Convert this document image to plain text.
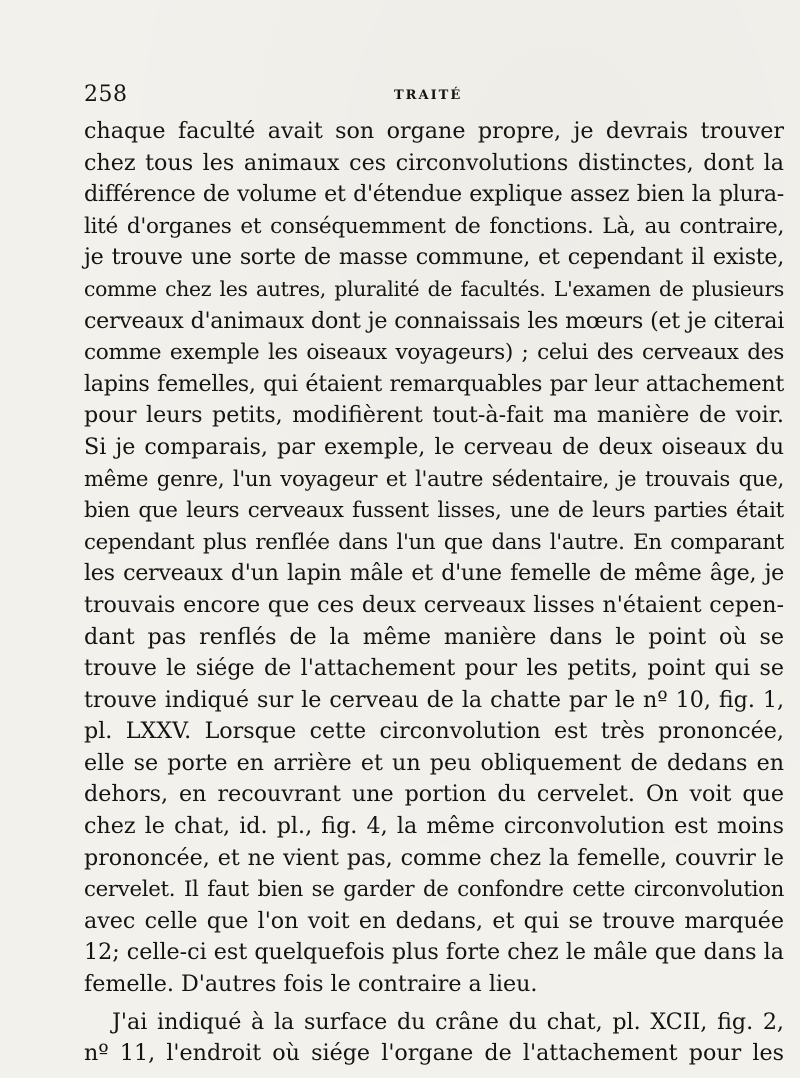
258	TRAITÉ
chaque faculté avait son organe propre, je devrais trouver
chez tous les animaux ces circonvolutions distinctes, dont la
différence de volume et d'étendue explique assez bien la plura-
lité d'organes et conséquemment de fonctions. Là, au contraire,
je trouve une sorte de masse commune, et cependant il existe,
comme chez les autres, pluralité de facultés. L'examen de plusieurs
cerveaux d'animaux dont je connaissais les mœurs (et je citerai
comme exemple les oiseaux voyageurs) ; celui des cerveaux des
lapins femelles, qui étaient remarquables par leur attachement
pour leurs petits, modifièrent tout-à-fait ma manière de voir.
Si je comparais, par exemple, le cerveau de deux oiseaux du
même genre, l'un voyageur et l'autre sédentaire, je trouvais que,
bien que leurs cerveaux fussent lisses, une de leurs parties était
cependant plus renflée dans l'un que dans l'autre. En comparant
les cerveaux d'un lapin mâle et d'une femelle de même âge, je
trouvais encore que ces deux cerveaux lisses n'étaient cepen-
dant pas renflés de la même manière dans le point où se
trouve le siége de l'attachement pour les petits, point qui se
trouve indiqué sur le cerveau de la chatte par le nº 10, fig. 1,
pl. LXXV. Lorsque cette circonvolution est très prononcée,
elle se porte en arrière et un peu obliquement de dedans en
dehors, en recouvrant une portion du cervelet. On voit que
chez le chat, id. pl., fig. 4, la même circonvolution est moins
prononcée, et ne vient pas, comme chez la femelle, couvrir le
cervelet. Il faut bien se garder de confondre cette circonvolution
avec celle que l'on voit en dedans, et qui se trouve marquée
12; celle-ci est quelquefois plus forte chez le mâle que dans la
femelle. D'autres fois le contraire a lieu.
J'ai indiqué à la surface du crâne du chat, pl. XCII, fig. 2,
nº 11, l'endroit où siége l'organe de l'attachement pour les
